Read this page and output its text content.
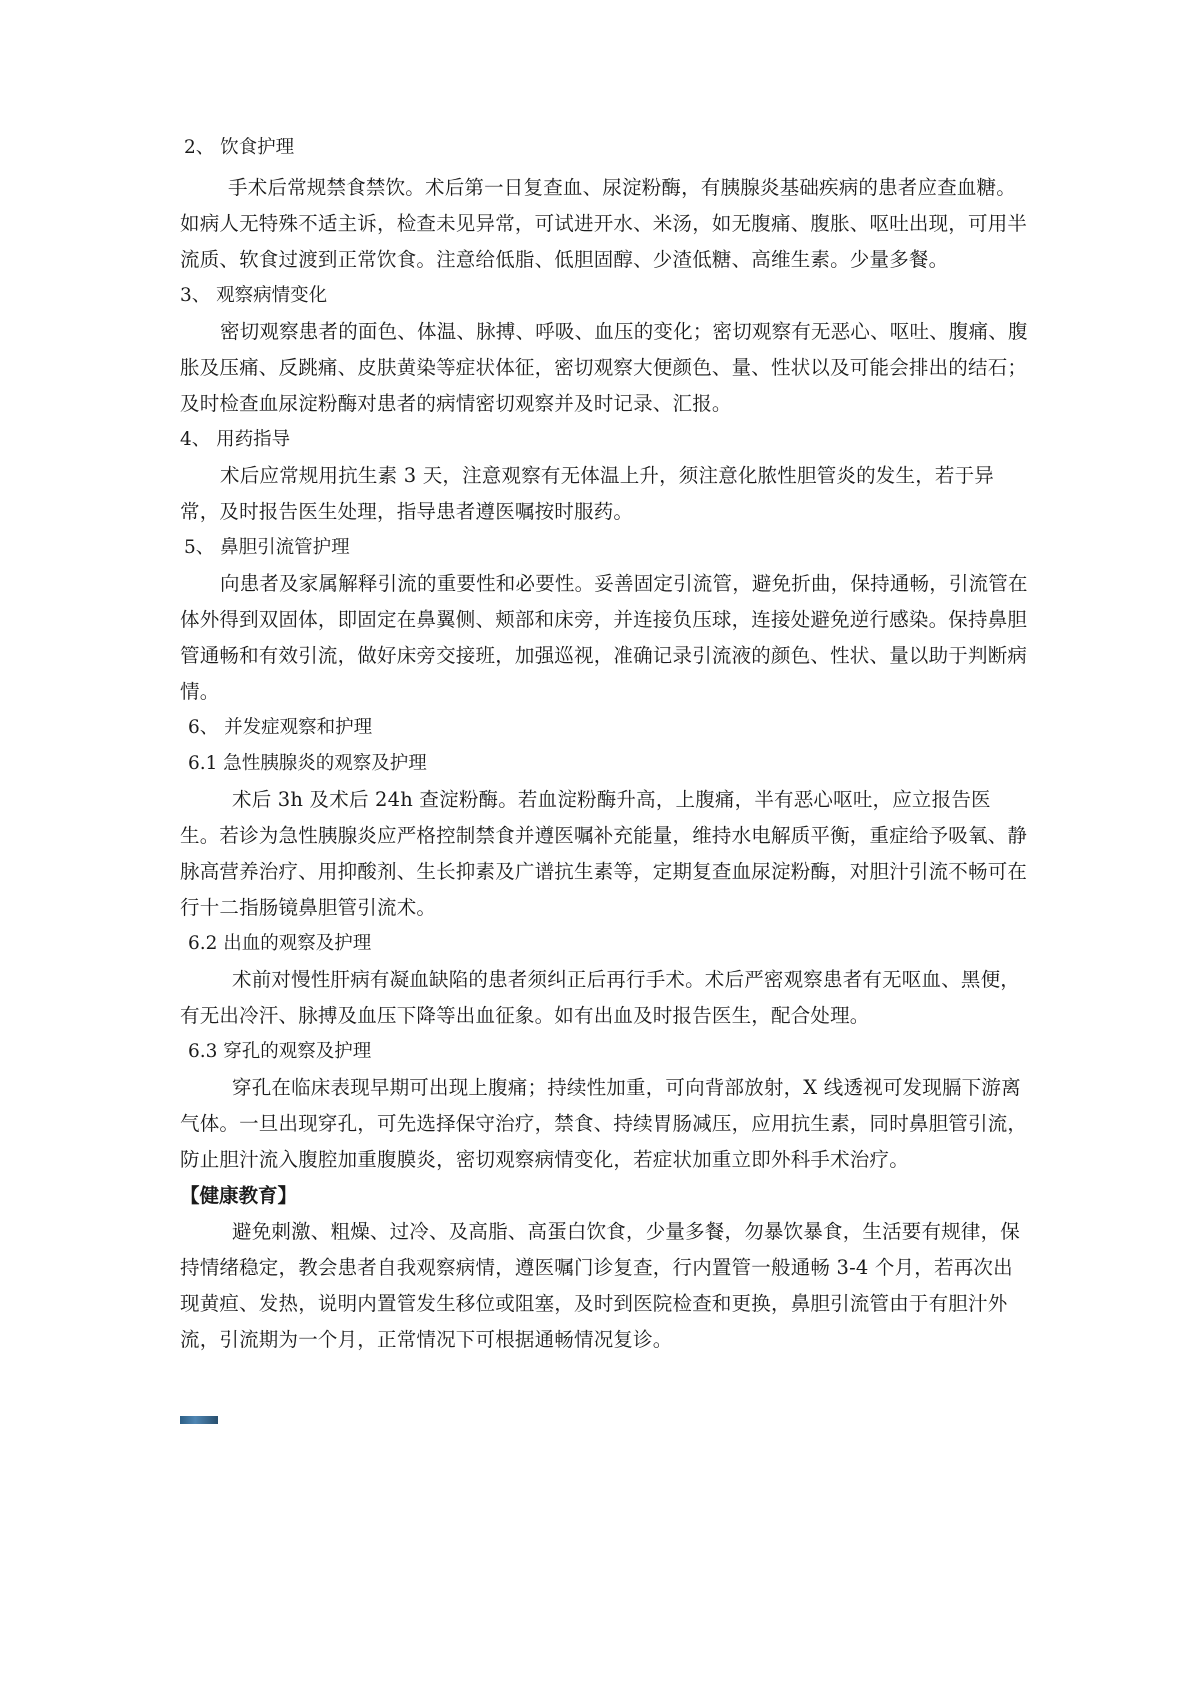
2、 饮食护理

手术后常规禁食禁饮。术后第一日复查血、尿淀粉酶，有胰腺炎基础疾病的患者应查血糖。如病人无特殊不适主诉，检查未见异常，可试进开水、米汤，如无腹痛、腹胀、呕吐出现，可用半流质、软食过渡到正常饮食。注意给低脂、低胆固醇、少渣低糖、高维生素。少量多餐。

3、 观察病情变化

密切观察患者的面色、体温、脉搏、呼吸、血压的变化；密切观察有无恶心、呕吐、腹痛、腹胀及压痛、反跳痛、皮肤黄染等症状体征，密切观察大便颜色、量、性状以及可能会排出的结石；及时检查血尿淀粉酶对患者的病情密切观察并及时记录、汇报。

4、 用药指导

术后应常规用抗生素 3 天，注意观察有无体温上升，须注意化脓性胆管炎的发生，若于异常，及时报告医生处理，指导患者遵医嘱按时服药。

5、 鼻胆引流管护理

向患者及家属解释引流的重要性和必要性。妥善固定引流管，避免折曲，保持通畅，引流管在体外得到双固体，即固定在鼻翼侧、颊部和床旁，并连接负压球，连接处避免逆行感染。保持鼻胆管通畅和有效引流，做好床旁交接班，加强巡视，准确记录引流液的颜色、性状、量以助于判断病情。

6、 并发症观察和护理
6.1 急性胰腺炎的观察及护理

术后 3h 及术后 24h 查淀粉酶。若血淀粉酶升高，上腹痛，半有恶心呕吐，应立报告医生。若诊为急性胰腺炎应严格控制禁食并遵医嘱补充能量，维持水电解质平衡，重症给予吸氧、静脉高营养治疗、用抑酸剂、生长抑素及广谱抗生素等，定期复查血尿淀粉酶，对胆汁引流不畅可在行十二指肠镜鼻胆管引流术。

6.2 出血的观察及护理

术前对慢性肝病有凝血缺陷的患者须纠正后再行手术。术后严密观察患者有无呕血、黑便，有无出冷汗、脉搏及血压下降等出血征象。如有出血及时报告医生，配合处理。

6.3 穿孔的观察及护理

穿孔在临床表现早期可出现上腹痛；持续性加重，可向背部放射，X 线透视可发现膈下游离气体。一旦出现穿孔，可先选择保守治疗，禁食、持续胃肠减压，应用抗生素，同时鼻胆管引流，防止胆汁流入腹腔加重腹膜炎，密切观察病情变化，若症状加重立即外科手术治疗。

【健康教育】

避免刺激、粗燥、过冷、及高脂、高蛋白饮食，少量多餐，勿暴饮暴食，生活要有规律，保持情绪稳定，教会患者自我观察病情，遵医嘱门诊复查，行内置管一般通畅 3-4 个月，若再次出现黄疸、发热，说明内置管发生移位或阻塞，及时到医院检查和更换，鼻胆引流管由于有胆汁外流，引流期为一个月，正常情况下可根据通畅情况复诊。
